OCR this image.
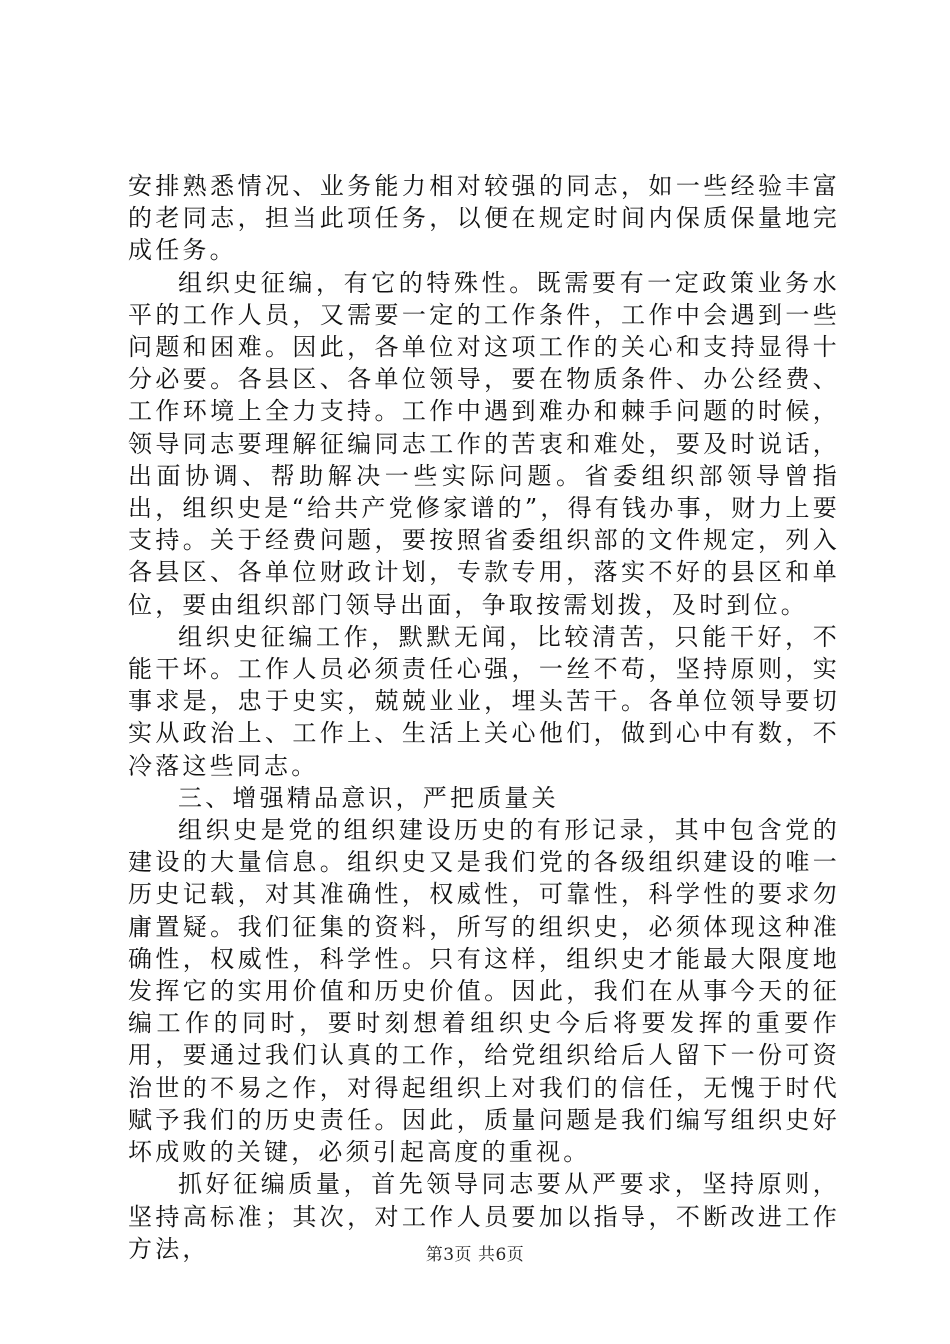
安排熟悉情况、业务能力相对较强的同志，如一些经验丰富的老同志，担当此项任务，以便在规定时间内保质保量地完成任务。

组织史征编，有它的特殊性。既需要有一定政策业务水平的工作人员，又需要一定的工作条件，工作中会遇到一些问题和困难。因此，各单位对这项工作的关心和支持显得十分必要。各县区、各单位领导，要在物质条件、办公经费、工作环境上全力支持。工作中遇到难办和棘手问题的时候，领导同志要理解征编同志工作的苦衷和难处，要及时说话，出面协调、帮助解决一些实际问题。省委组织部领导曾指出，组织史是“给共产党修家谱的”，得有钱办事，财力上要支持。关于经费问题，要按照省委组织部的文件规定，列入各县区、各单位财政计划，专款专用，落实不好的县区和单位，要由组织部门领导出面，争取按需划拨，及时到位。

组织史征编工作，默默无闻，比较清苦，只能干好，不能干坏。工作人员必须责任心强，一丝不苟，坚持原则，实事求是，忠于史实，兢兢业业，埋头苦干。各单位领导要切实从政治上、工作上、生活上关心他们，做到心中有数，不冷落这些同志。

三、增强精品意识，严把质量关

组织史是党的组织建设历史的有形记录，其中包含党的建设的大量信息。组织史又是我们党的各级组织建设的唯一历史记载，对其准确性，权威性，可靠性，科学性的要求勿庸置疑。我们征集的资料，所写的组织史，必须体现这种准确性，权威性，科学性。只有这样，组织史才能最大限度地发挥它的实用价值和历史价值。因此，我们在从事今天的征编工作的同时，要时刻想着组织史今后将要发挥的重要作用，要通过我们认真的工作，给党组织给后人留下一份可资治世的不易之作，对得起组织上对我们的信任，无愧于时代赋予我们的历史责任。因此，质量问题是我们编写组织史好坏成败的关键，必须引起高度的重视。

抓好征编质量，首先领导同志要从严要求，坚持原则，坚持高标准；其次，对工作人员要加以指导，不断改进工作方法，	第3页 共6页
